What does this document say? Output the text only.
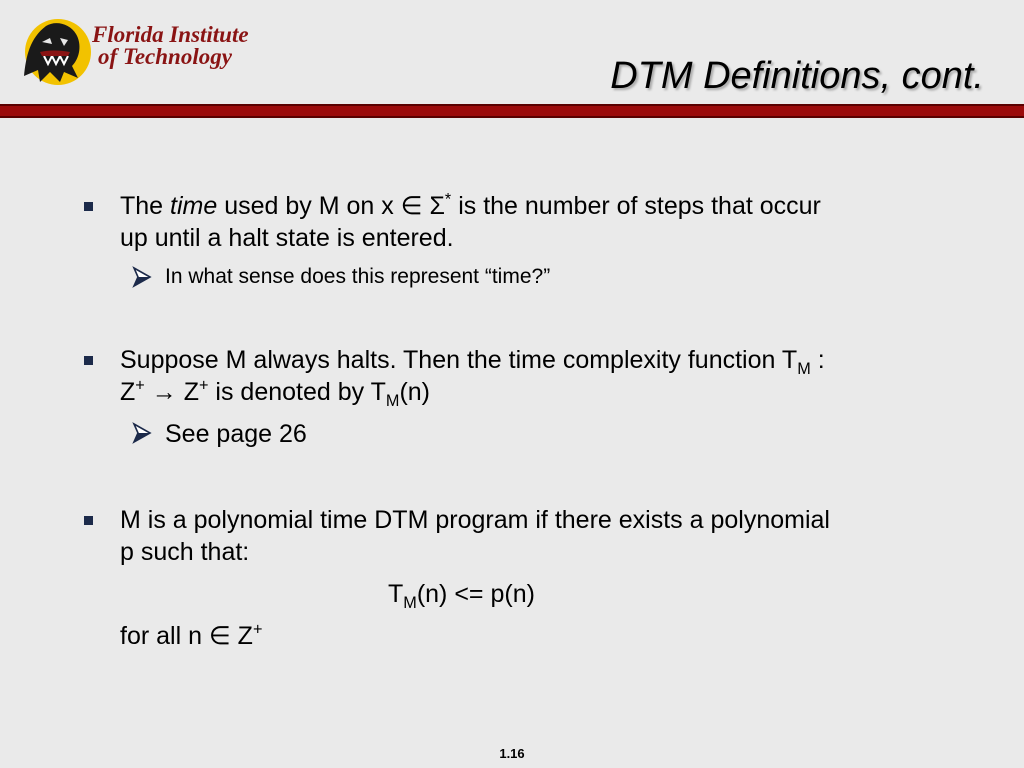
Florida Institute
of Technology	DTM Definitions, cont.
The time used by M on x ∈ Σ* is the number of steps that occur
up until a halt state is entered.
In what sense does this represent “time?”
Suppose M always halts. Then the time complexity function $T_M$ :
Z+ → Z+ is denoted by $T_M(n)$
See page 26
M is a polynomial time DTM program if there exists a polynomial
p such that:
$T_M(n) <= p(n)$
for all n ∈ Z+
1.16
